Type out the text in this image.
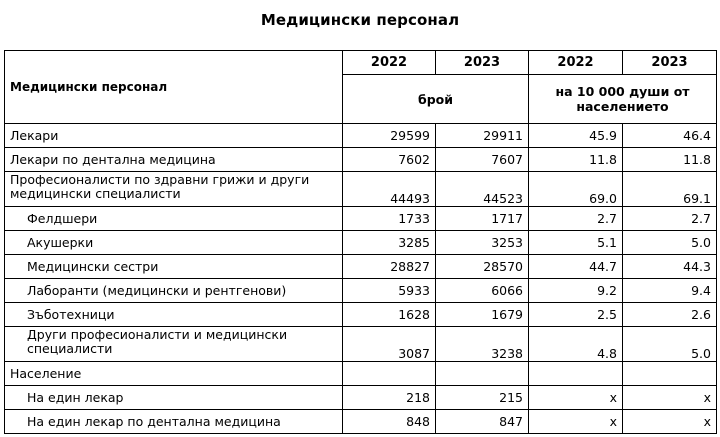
Медицински персонал
Медицински персонал	2022	2023	2022	2023
	брой		на 10 000 души от
населението	
Лекари	29599	29911	45.9	46.4
Лекари по дентална медицина	7602	7607	11.8	11.8
Професионалисти по здравни грижи и други медицински специалисти	44493	44523	69.0	69.1
Фелдшери	1733	1717	2.7	2.7
Акушерки	3285	3253	5.1	5.0
Медицински сестри	28827	28570	44.7	44.3
Лаборанти (медицински и рентгенови)	5933	6066	9.2	9.4
Зъботехници	1628	1679	2.5	2.6
Други професионалисти и медицински специалисти	3087	3238	4.8	5.0
Население				
На един лекар	218	215	x	x
На един лекар по дентална медицина	848	847	x	x
